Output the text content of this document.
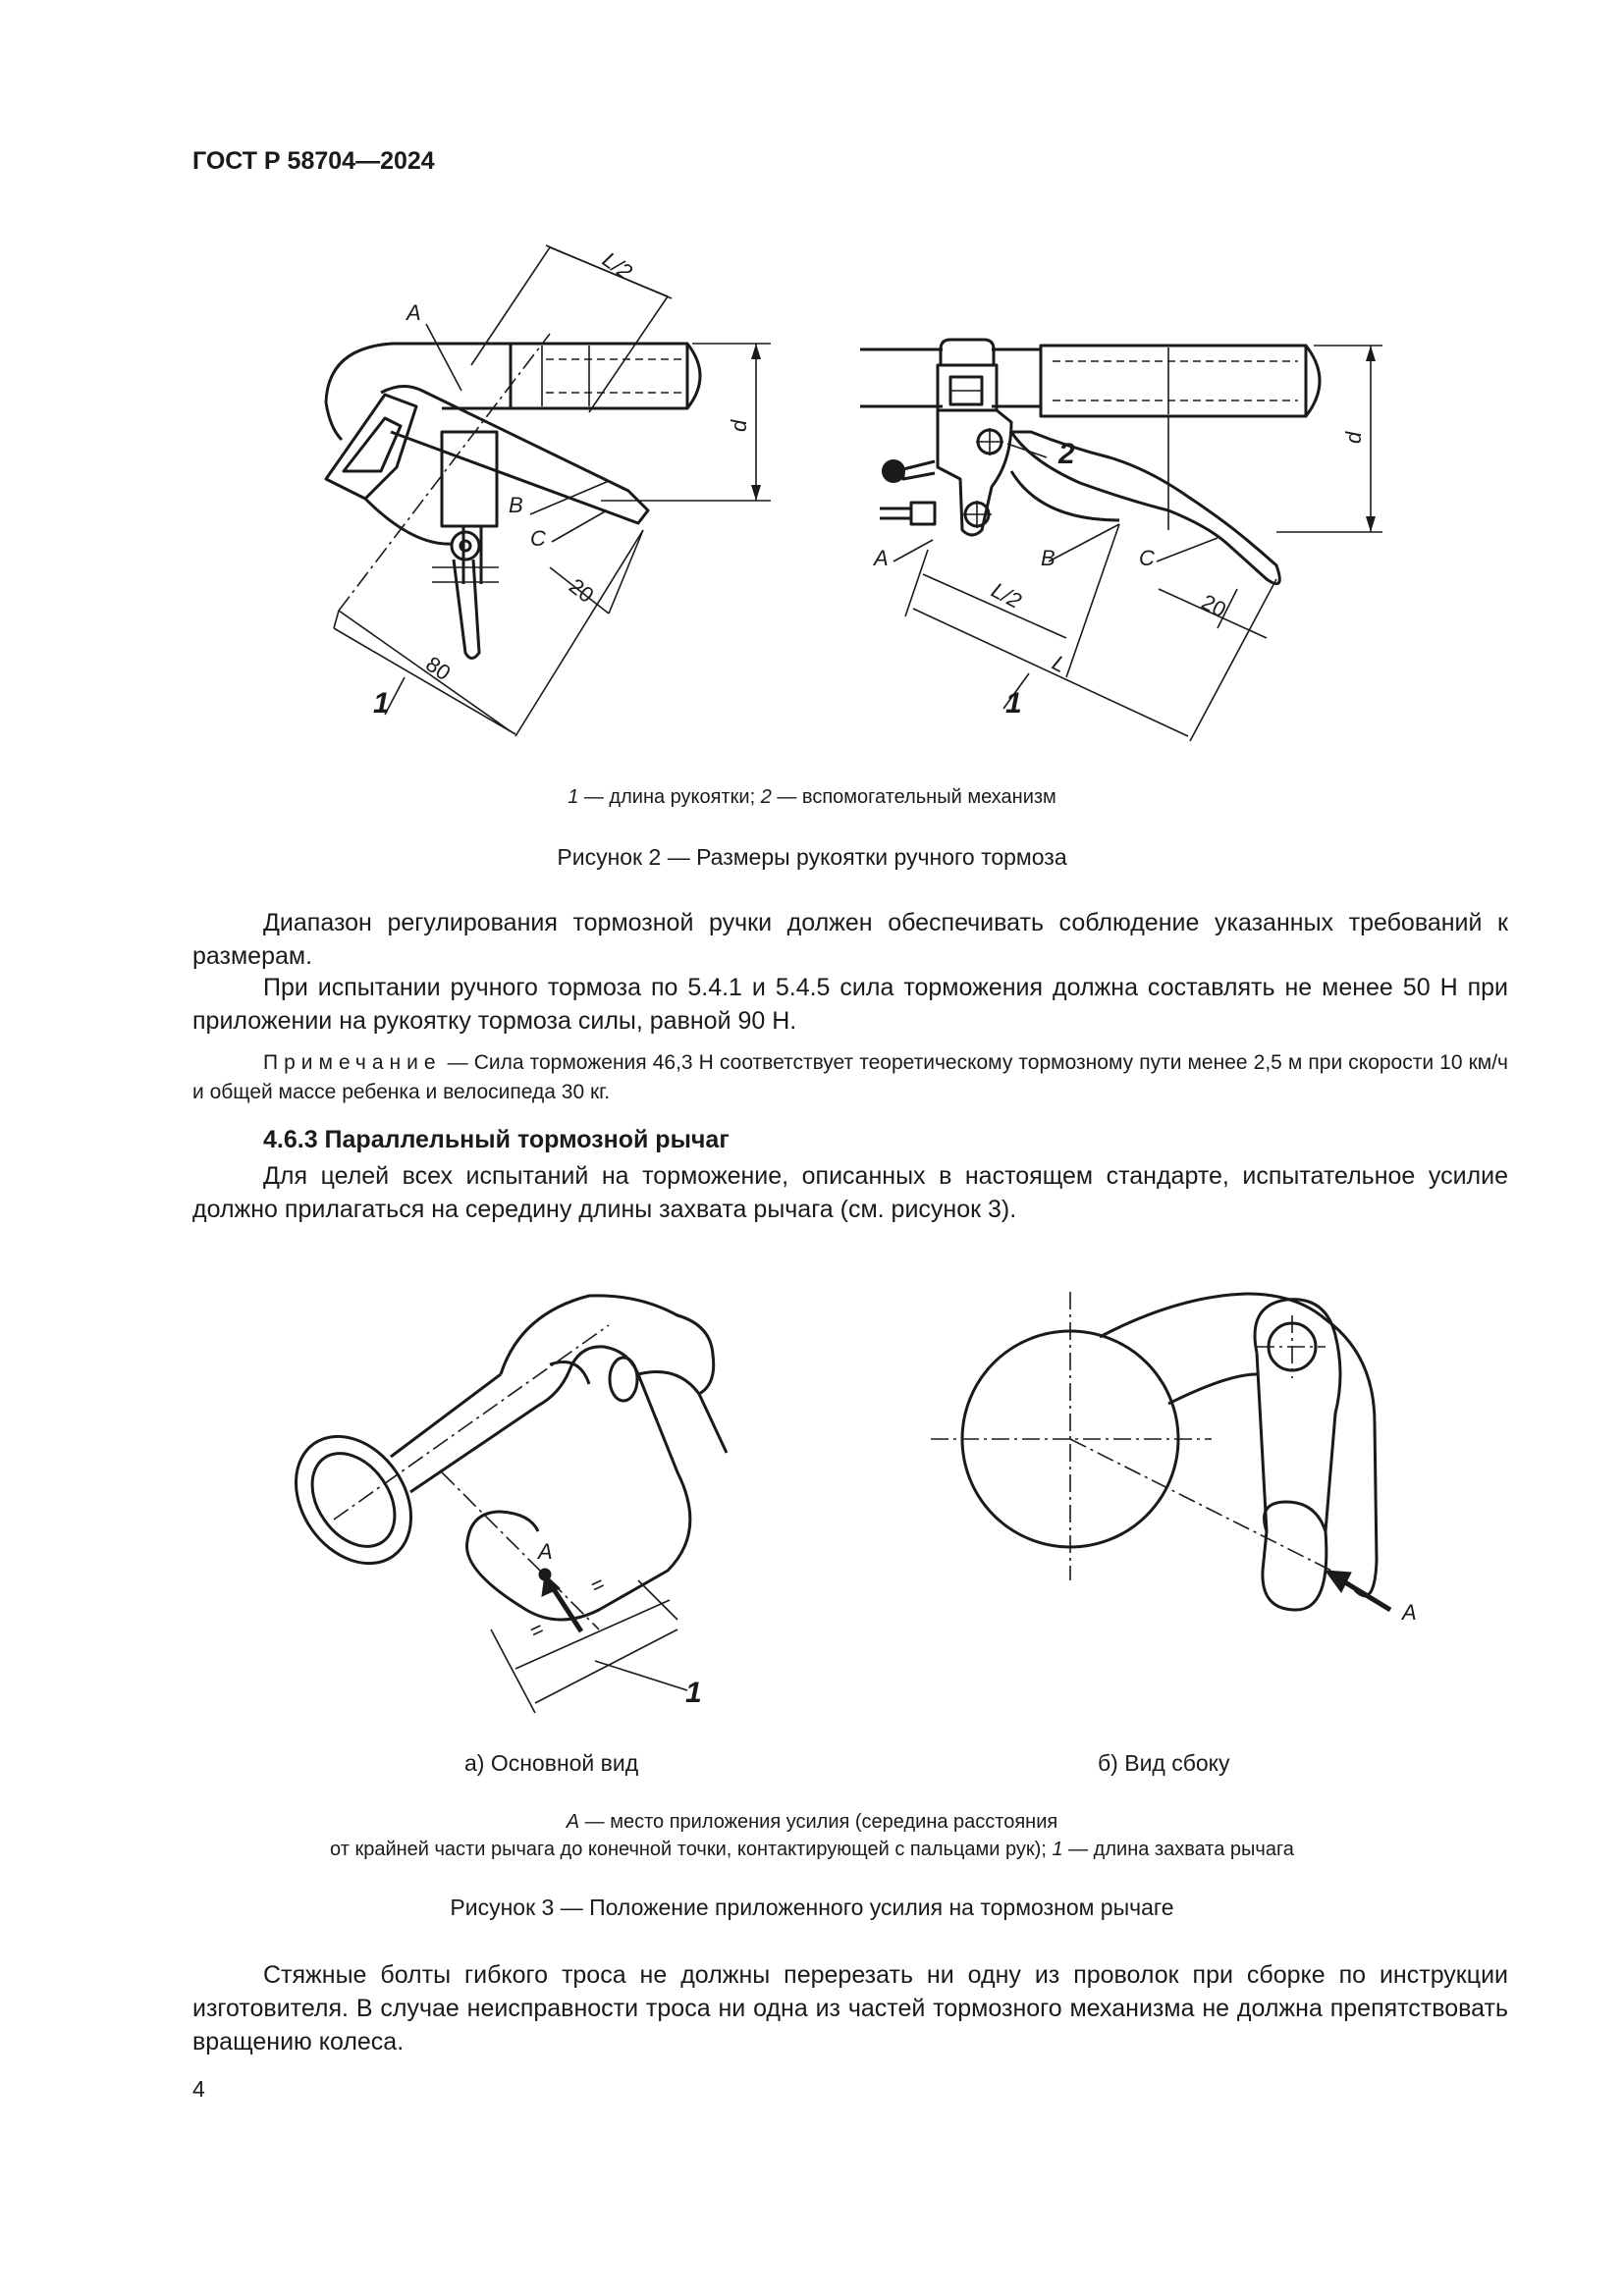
ГОСТ Р 58704—2024
A
B
C
L/2
d
20
80
1
A	B	C
L/2
L
d
20
1
2
1 — длина рукоятки; 2 — вспомогательный механизм
Рисунок 2 — Размеры рукоятки ручного тормоза
Диапазон регулирования тормозной ручки должен обеспечивать соблюдение указанных требований к размерам.
При испытании ручного тормоза по 5.4.1 и 5.4.5 сила торможения должна составлять не менее 50 Н при приложении на рукоятку тормоза силы, равной 90 Н.
Примечание — Сила торможения 46,3 Н соответствует теоретическому тормозному пути менее 2,5 м при скорости 10 км/ч и общей массе ребенка и велосипеда 30 кг.
4.6.3 Параллельный тормозной рычаг
Для целей всех испытаний на торможение, описанных в настоящем стандарте, испытательное усилие должно прилагаться на середину длины захвата рычага (см. рисунок 3).
A
=
=
1
A
а) Основной вид	б) Вид сбоку
A — место приложения усилия (середина расстояния
от крайней части рычага до конечной точки, контактирующей с пальцами рук); 1 — длина захвата рычага
Рисунок 3 — Положение приложенного усилия на тормозном рычаге
Стяжные болты гибкого троса не должны перерезать ни одну из проволок при сборке по инструкции изготовителя. В случае неисправности троса ни одна из частей тормозного механизма не должна препятствовать вращению колеса.
4
